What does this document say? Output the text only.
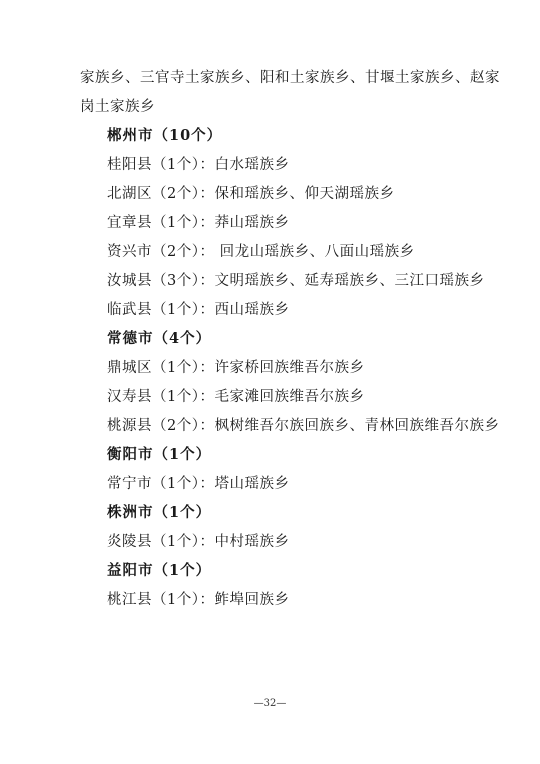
家族乡、三官寺土家族乡、阳和土家族乡、甘堰土家族乡、赵家
岗土家族乡
郴州市（10个）
桂阳县（1个）：白水瑶族乡
北湖区（2个）：保和瑶族乡、仰天湖瑶族乡
宜章县（1个）：莽山瑶族乡
资兴市（2个）： 回龙山瑶族乡、八面山瑶族乡
汝城县（3个）：文明瑶族乡、延寿瑶族乡、三江口瑶族乡
临武县（1个）：西山瑶族乡
常德市（4个）
鼎城区（1个）：许家桥回族维吾尔族乡
汉寿县（1个）：毛家滩回族维吾尔族乡
桃源县（2个）：枫树维吾尔族回族乡、青林回族维吾尔族乡
衡阳市（1个）
常宁市（1个）：塔山瑶族乡
株洲市（1个）
炎陵县（1个）：中村瑶族乡
益阳市（1个）
桃江县（1个）：鲊埠回族乡
—32—
